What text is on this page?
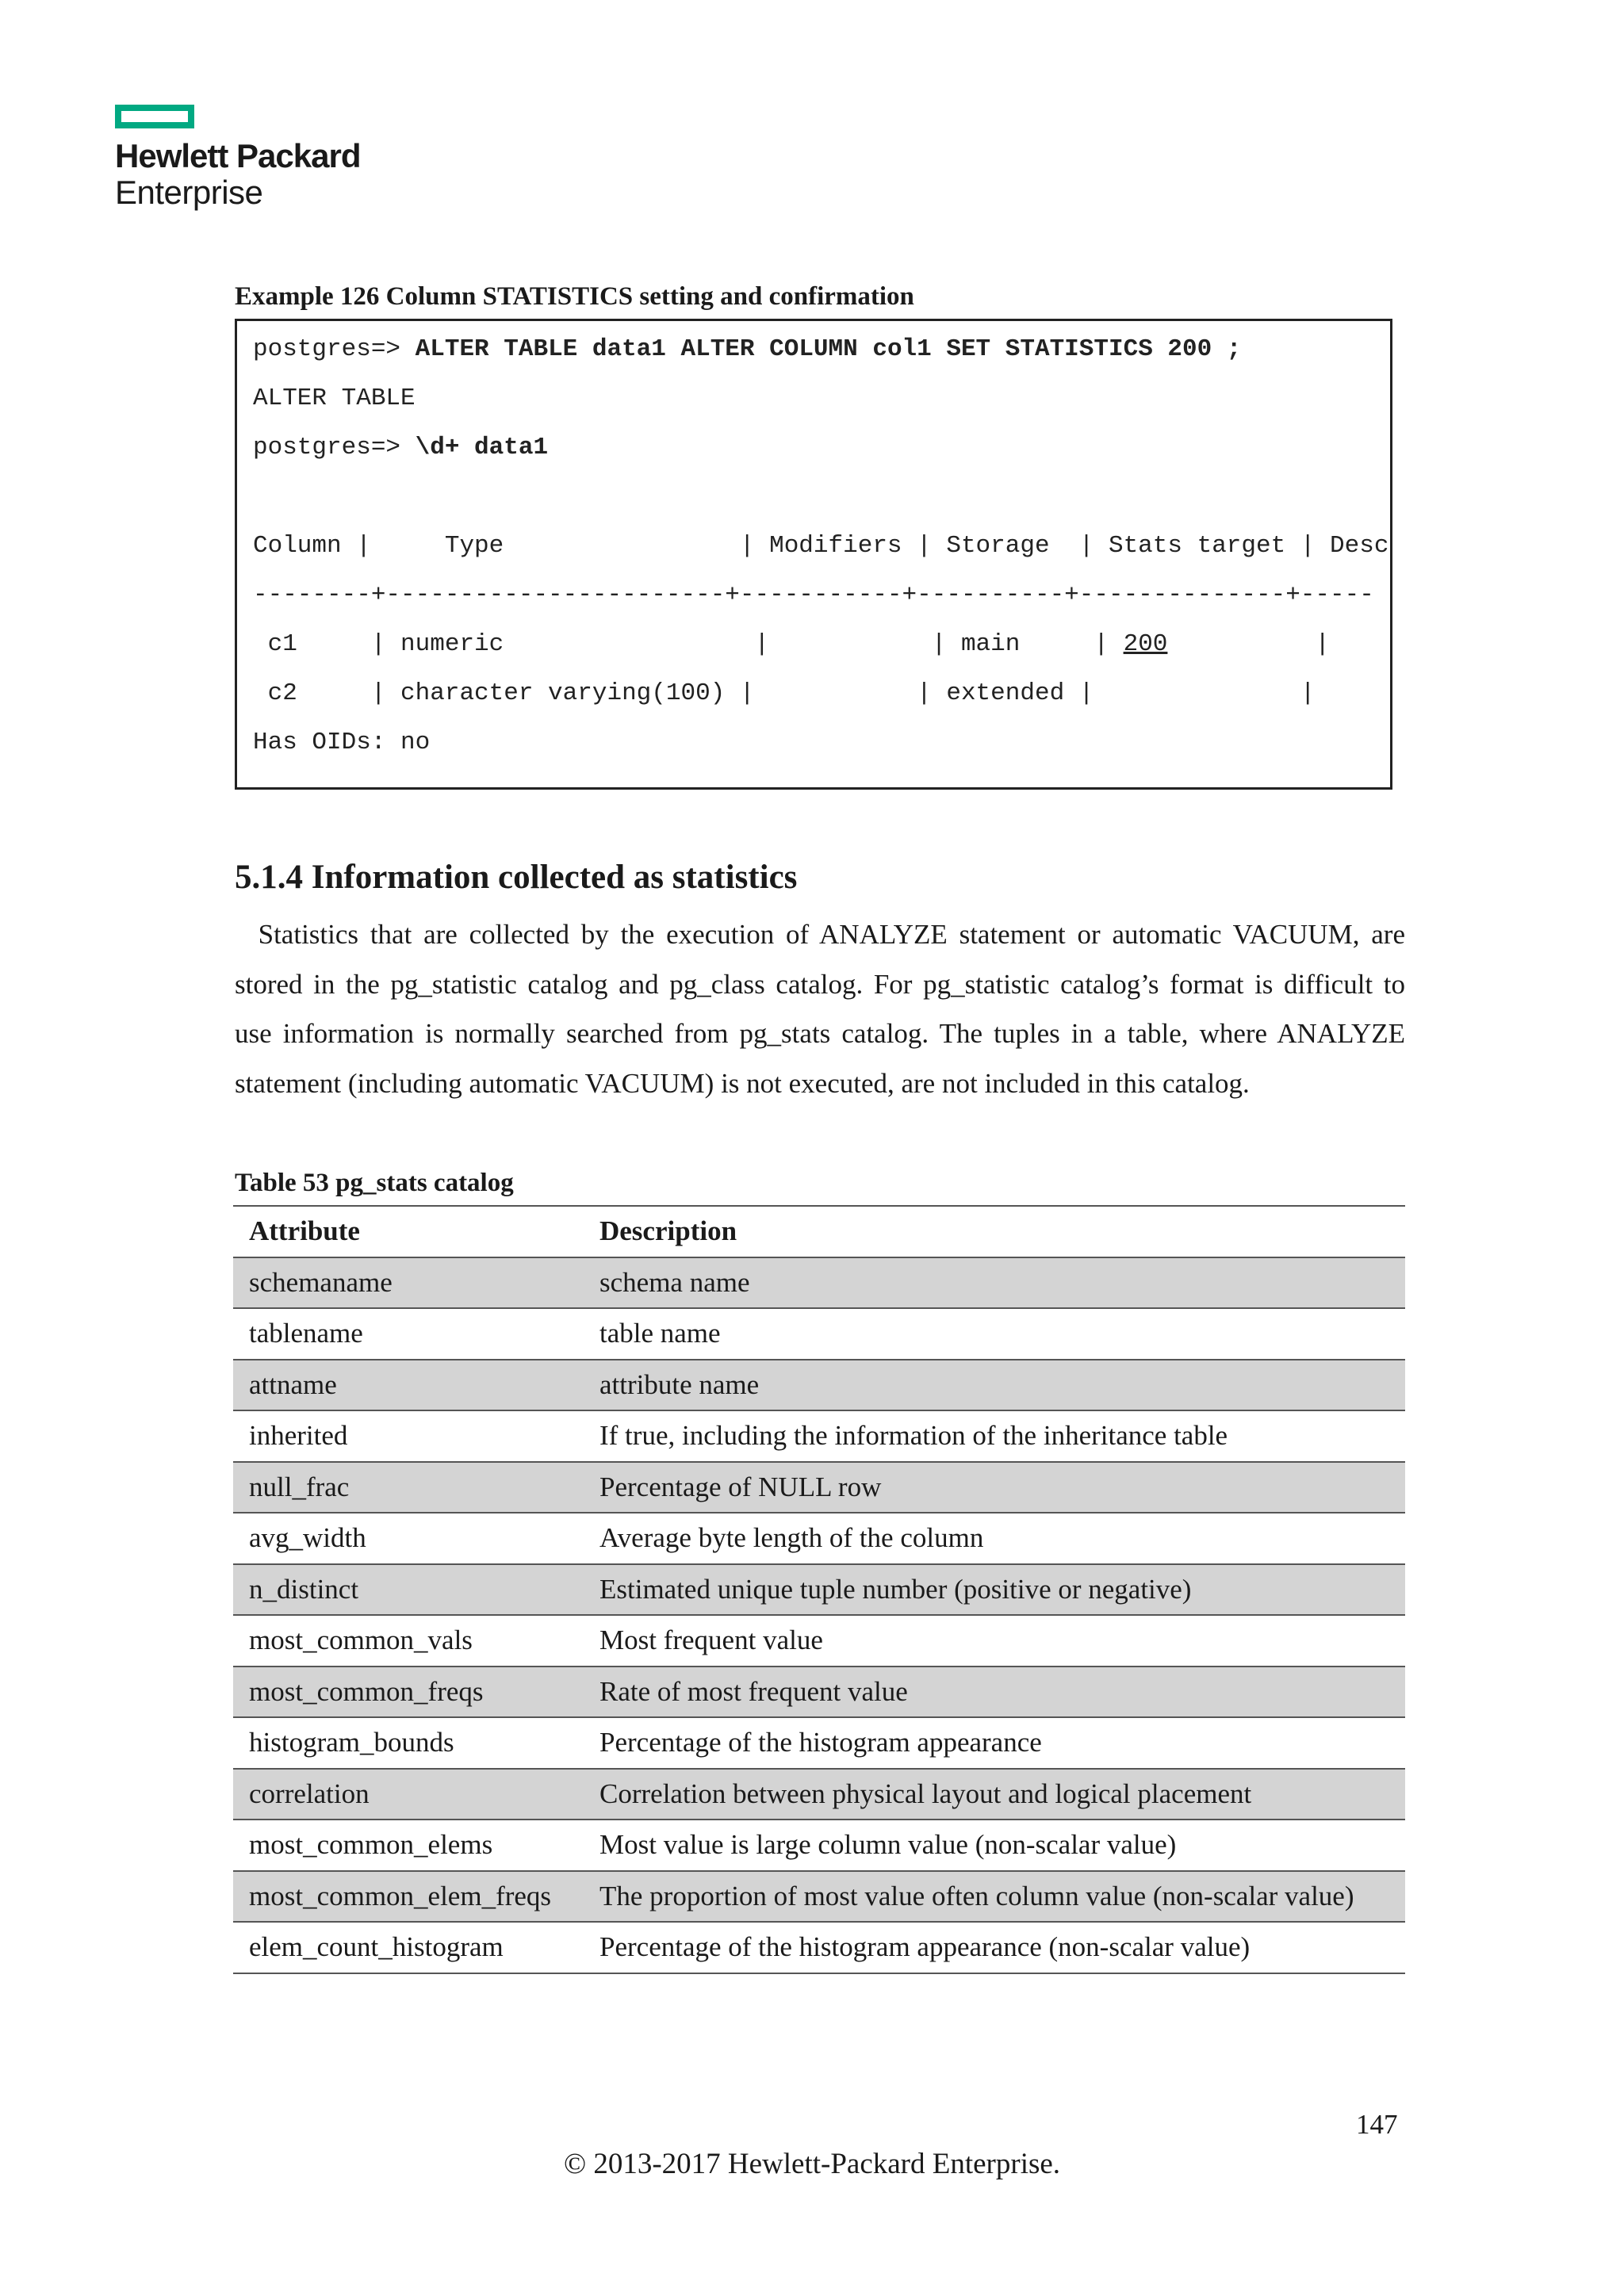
Hewlett Packard
Enterprise
Example 126 Column STATISTICS setting and confirmation
postgres=> ALTER TABLE data1 ALTER COLUMN col1 SET STATISTICS 200 ;
ALTER TABLE
postgres=> \d+ data1
Column |     Type                | Modifiers | Storage  | Stats target | Desc
--------+-----------------------+-----------+----------+--------------+-----
c1     | numeric                 |           | main     | 200          |
c2     | character varying(100) |           | extended |              |
Has OIDs: no
5.1.4 Information collected as statistics
Statistics that are collected by the execution of ANALYZE statement or automatic VACUUM, are
stored in the pg_statistic catalog and pg_class catalog. For pg_statistic catalog’s format is difficult to
use information is normally searched from pg_stats catalog. The tuples in a table, where ANALYZE
statement (including automatic VACUUM) is not executed, are not included in this catalog.
Table 53 pg_stats catalog
Attribute	Description
schemaname	schema name
tablename	table name
attname	attribute name
inherited	If true, including the information of the inheritance table
null_frac	Percentage of NULL row
avg_width	Average byte length of the column
n_distinct	Estimated unique tuple number (positive or negative)
most_common_vals	Most frequent value
most_common_freqs	Rate of most frequent value
histogram_bounds	Percentage of the histogram appearance
correlation	Correlation between physical layout and logical placement
most_common_elems	Most value is large column value (non-scalar value)
most_common_elem_freqs The proportion of most value often column value (non-scalar value)
elem_count_histogram	Percentage of the histogram appearance (non-scalar value)
147
© 2013-2017 Hewlett-Packard Enterprise.
